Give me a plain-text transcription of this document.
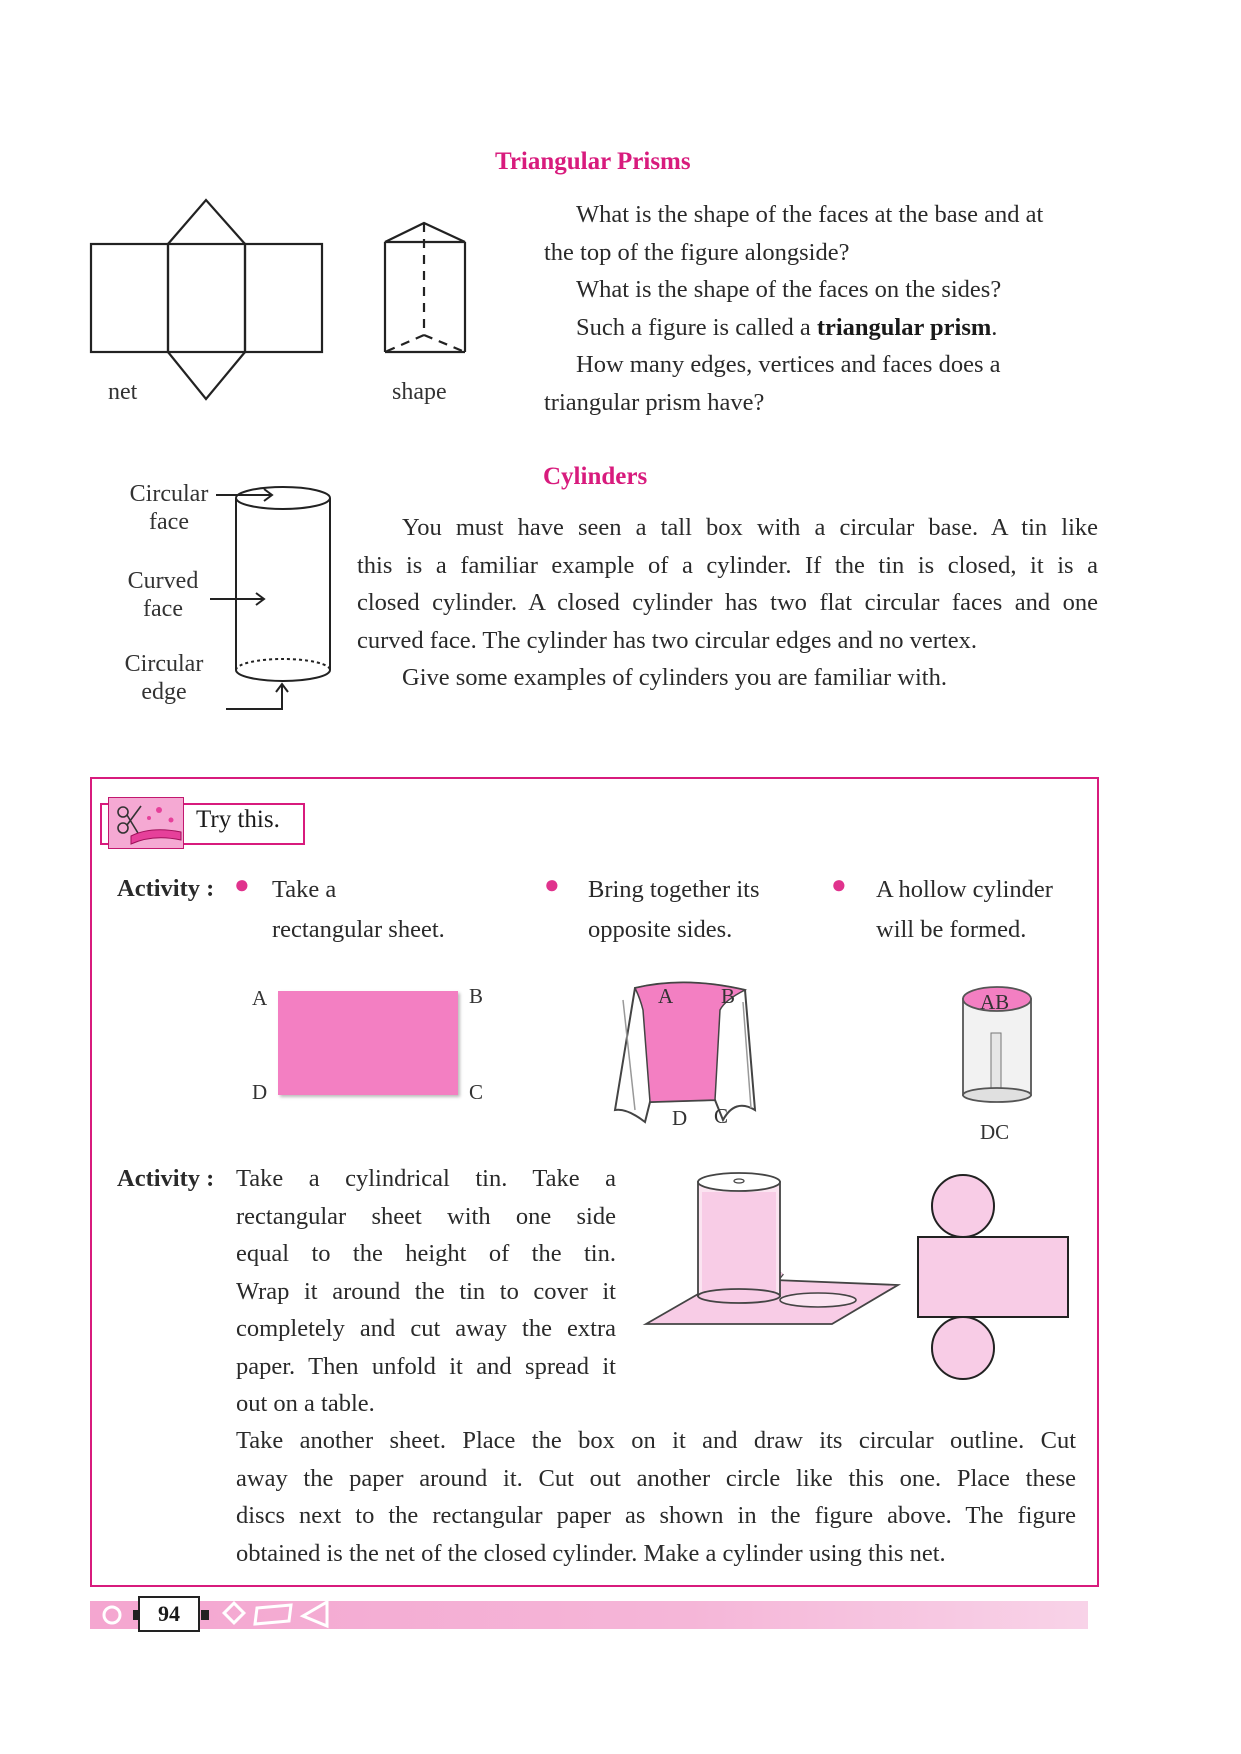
Triangular Prisms
net	shape
What is the shape of the faces at the base and at
the top of the figure alongside?
What is the shape of the faces on the sides?
Such a figure is called a triangular prism.
How many edges, vertices and faces does a
triangular prism have?
Cylinders
Circular
face
Curved
face
Circular
edge
You must have seen a tall box with a circular base. A tin like
this is a familiar example of a cylinder. If the tin is closed, it is a
closed cylinder. A closed cylinder has two flat circular faces and one
curved face. The cylinder has two circular edges and no vertex.
Give some examples of cylinders you are familiar with.
Try this.
Activity : ● Take a
rectangular sheet.
● Bring together its
opposite sides.
● A hollow cylinder
will be formed.
A	B
D	C
A B
D C
AB
DC
Activity : Take a cylindrical tin. Take a
rectangular sheet with one side
equal to the height of the tin.
Wrap it around the tin to cover it
completely and cut away the extra
paper. Then unfold it and spread it
out on a table.
Take another sheet. Place the box on it and draw its circular outline. Cut
away the paper around it. Cut out another circle like this one. Place these
discs next to the rectangular paper as shown in the figure above. The figure
obtained is the net of the closed cylinder. Make a cylinder using this net.
94
